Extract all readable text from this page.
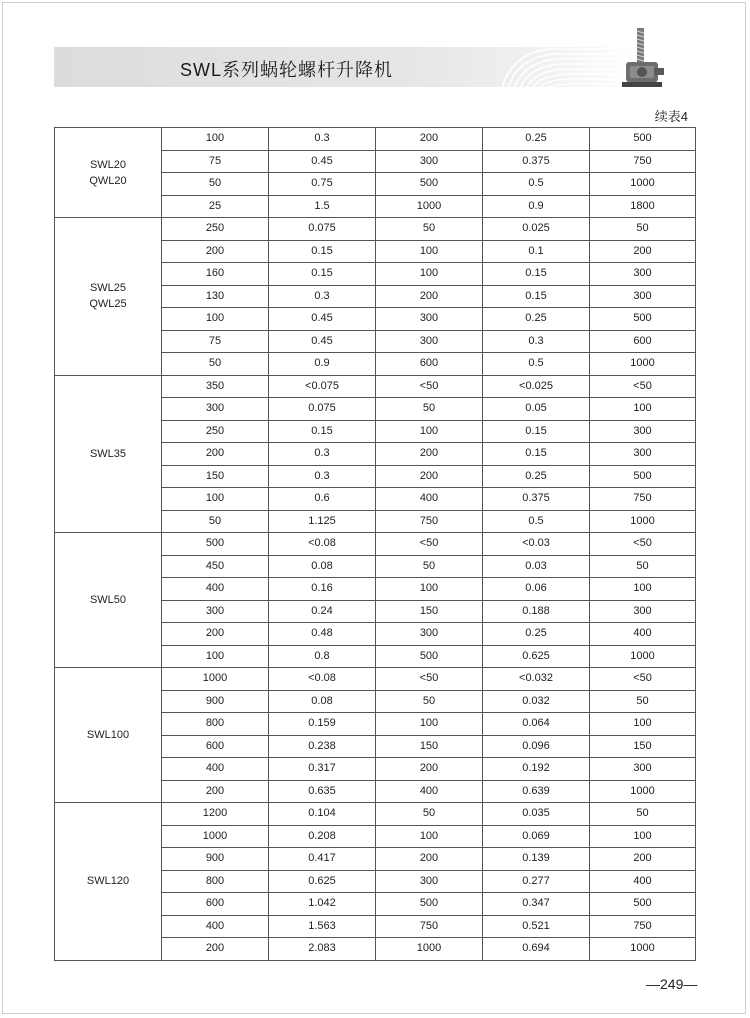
SWL系列蜗轮螺杆升降机
续表4
SWL20
QWL20	100	0.3	200	0.25	500
	75	0.45	300	0.375	750
	50	0.75	500	0.5	1000
	25	1.5	1000	0.9	1800

SWL25
QWL25	250	0.075	50	0.025	50
	200	0.15	100	0.1	200
	160	0.15	100	0.15	300
	130	0.3	200	0.15	300
	100	0.45	300	0.25	500
	75	0.45	300	0.3	600
	50	0.9	600	0.5	1000

SWL35	350	<0.075	<50	<0.025	<50
	300	0.075	50	0.05	100
	250	0.15	100	0.15	300
	200	0.3	200	0.15	300
	150	0.3	200	0.25	500
	100	0.6	400	0.375	750
	50	1.125	750	0.5	1000

SWL50	500	<0.08	<50	<0.03	<50
	450	0.08	50	0.03	50
	400	0.16	100	0.06	100
	300	0.24	150	0.188	300
	200	0.48	300	0.25	400
	100	0.8	500	0.625	1000

SWL100	1000	<0.08	<50	<0.032	<50
	900	0.08	50	0.032	50
	800	0.159	100	0.064	100
	600	0.238	150	0.096	150
	400	0.317	200	0.192	300
	200	0.635	400	0.639	1000

SWL120	1200	0.104	50	0.035	50
	1000	0.208	100	0.069	100
	900	0.417	200	0.139	200
	800	0.625	300	0.277	400
	600	1.042	500	0.347	500
	400	1.563	750	0.521	750
	200	2.083	1000	0.694	1000
—249—
